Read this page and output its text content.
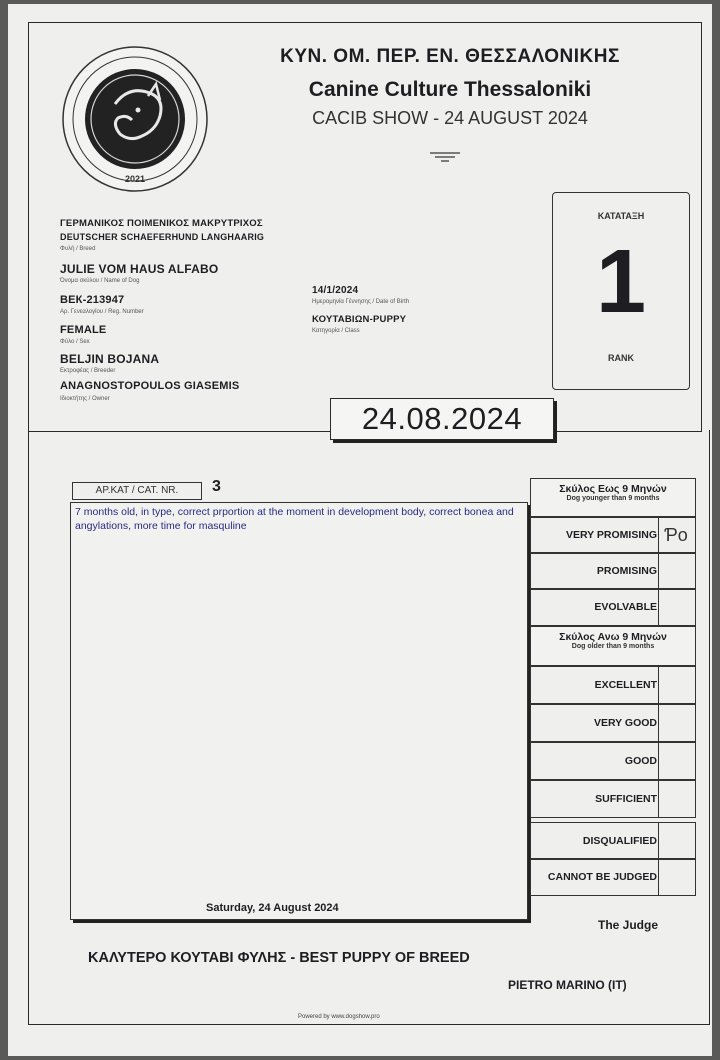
2021
ΚΥΝ. ΟΜ. ΠΕΡ. ΕΝ. ΘΕΣΣΑΛΟΝΙΚΗΣ
Canine Culture Thessaloniki
CACIB SHOW - 24 AUGUST 2024
ΓΕΡΜΑΝΙΚΟΣ ΠΟΙΜΕΝΙΚΟΣ ΜΑΚΡΥΤΡΙΧΟΣ
DEUTSCHER SCHAEFERHUND LANGHAARIG
Φυλή / Breed
JULIE VOM HAUS ALFABO
Όνομα σκύλου / Name of Dog
ВЕК-213947
Αρ. Γενεαλογίου / Reg. Number
FEMALE
Φύλο / Sex
BELJIN BOJANA
Εκτροφέας / Breeder
ANAGNOSTOPOULOS GIASEMIS
Ιδιοκτήτης / Owner
14/1/2024
Ημερομηνία Γέννησης / Date of Birth
ΚΟΥΤΑΒΙΩΝ-PUPPY
Κατηγορία / Class
ΚΑΤΑΤΑΞΗ
1
RANK
24.08.2024
ΑΡ.ΚΑΤ / CAT. NR.	3
7 months old, in type, correct prportion at the moment in development body, correct bonea and angylations, more time for masquline
Saturday, 24 August 2024
Σκύλος Εως 9 Μηνών
Dog younger than 9 months
VERY PROMISING Ƥo
PROMISING
EVOLVABLE
Σκύλος Ανω 9 Μηνών
Dog older than 9 months
EXCELLENT
VERY GOOD
GOOD
SUFFICIENT
DISQUALIFIED
CANNOT BE JUDGED
The Judge
ΚΑΛΥΤΕΡΟ ΚΟΥΤΑΒΙ ΦΥΛΗΣ - BEST PUPPY OF BREED
PIETRO MARINO (IT)
Powered by www.dogshow.pro
